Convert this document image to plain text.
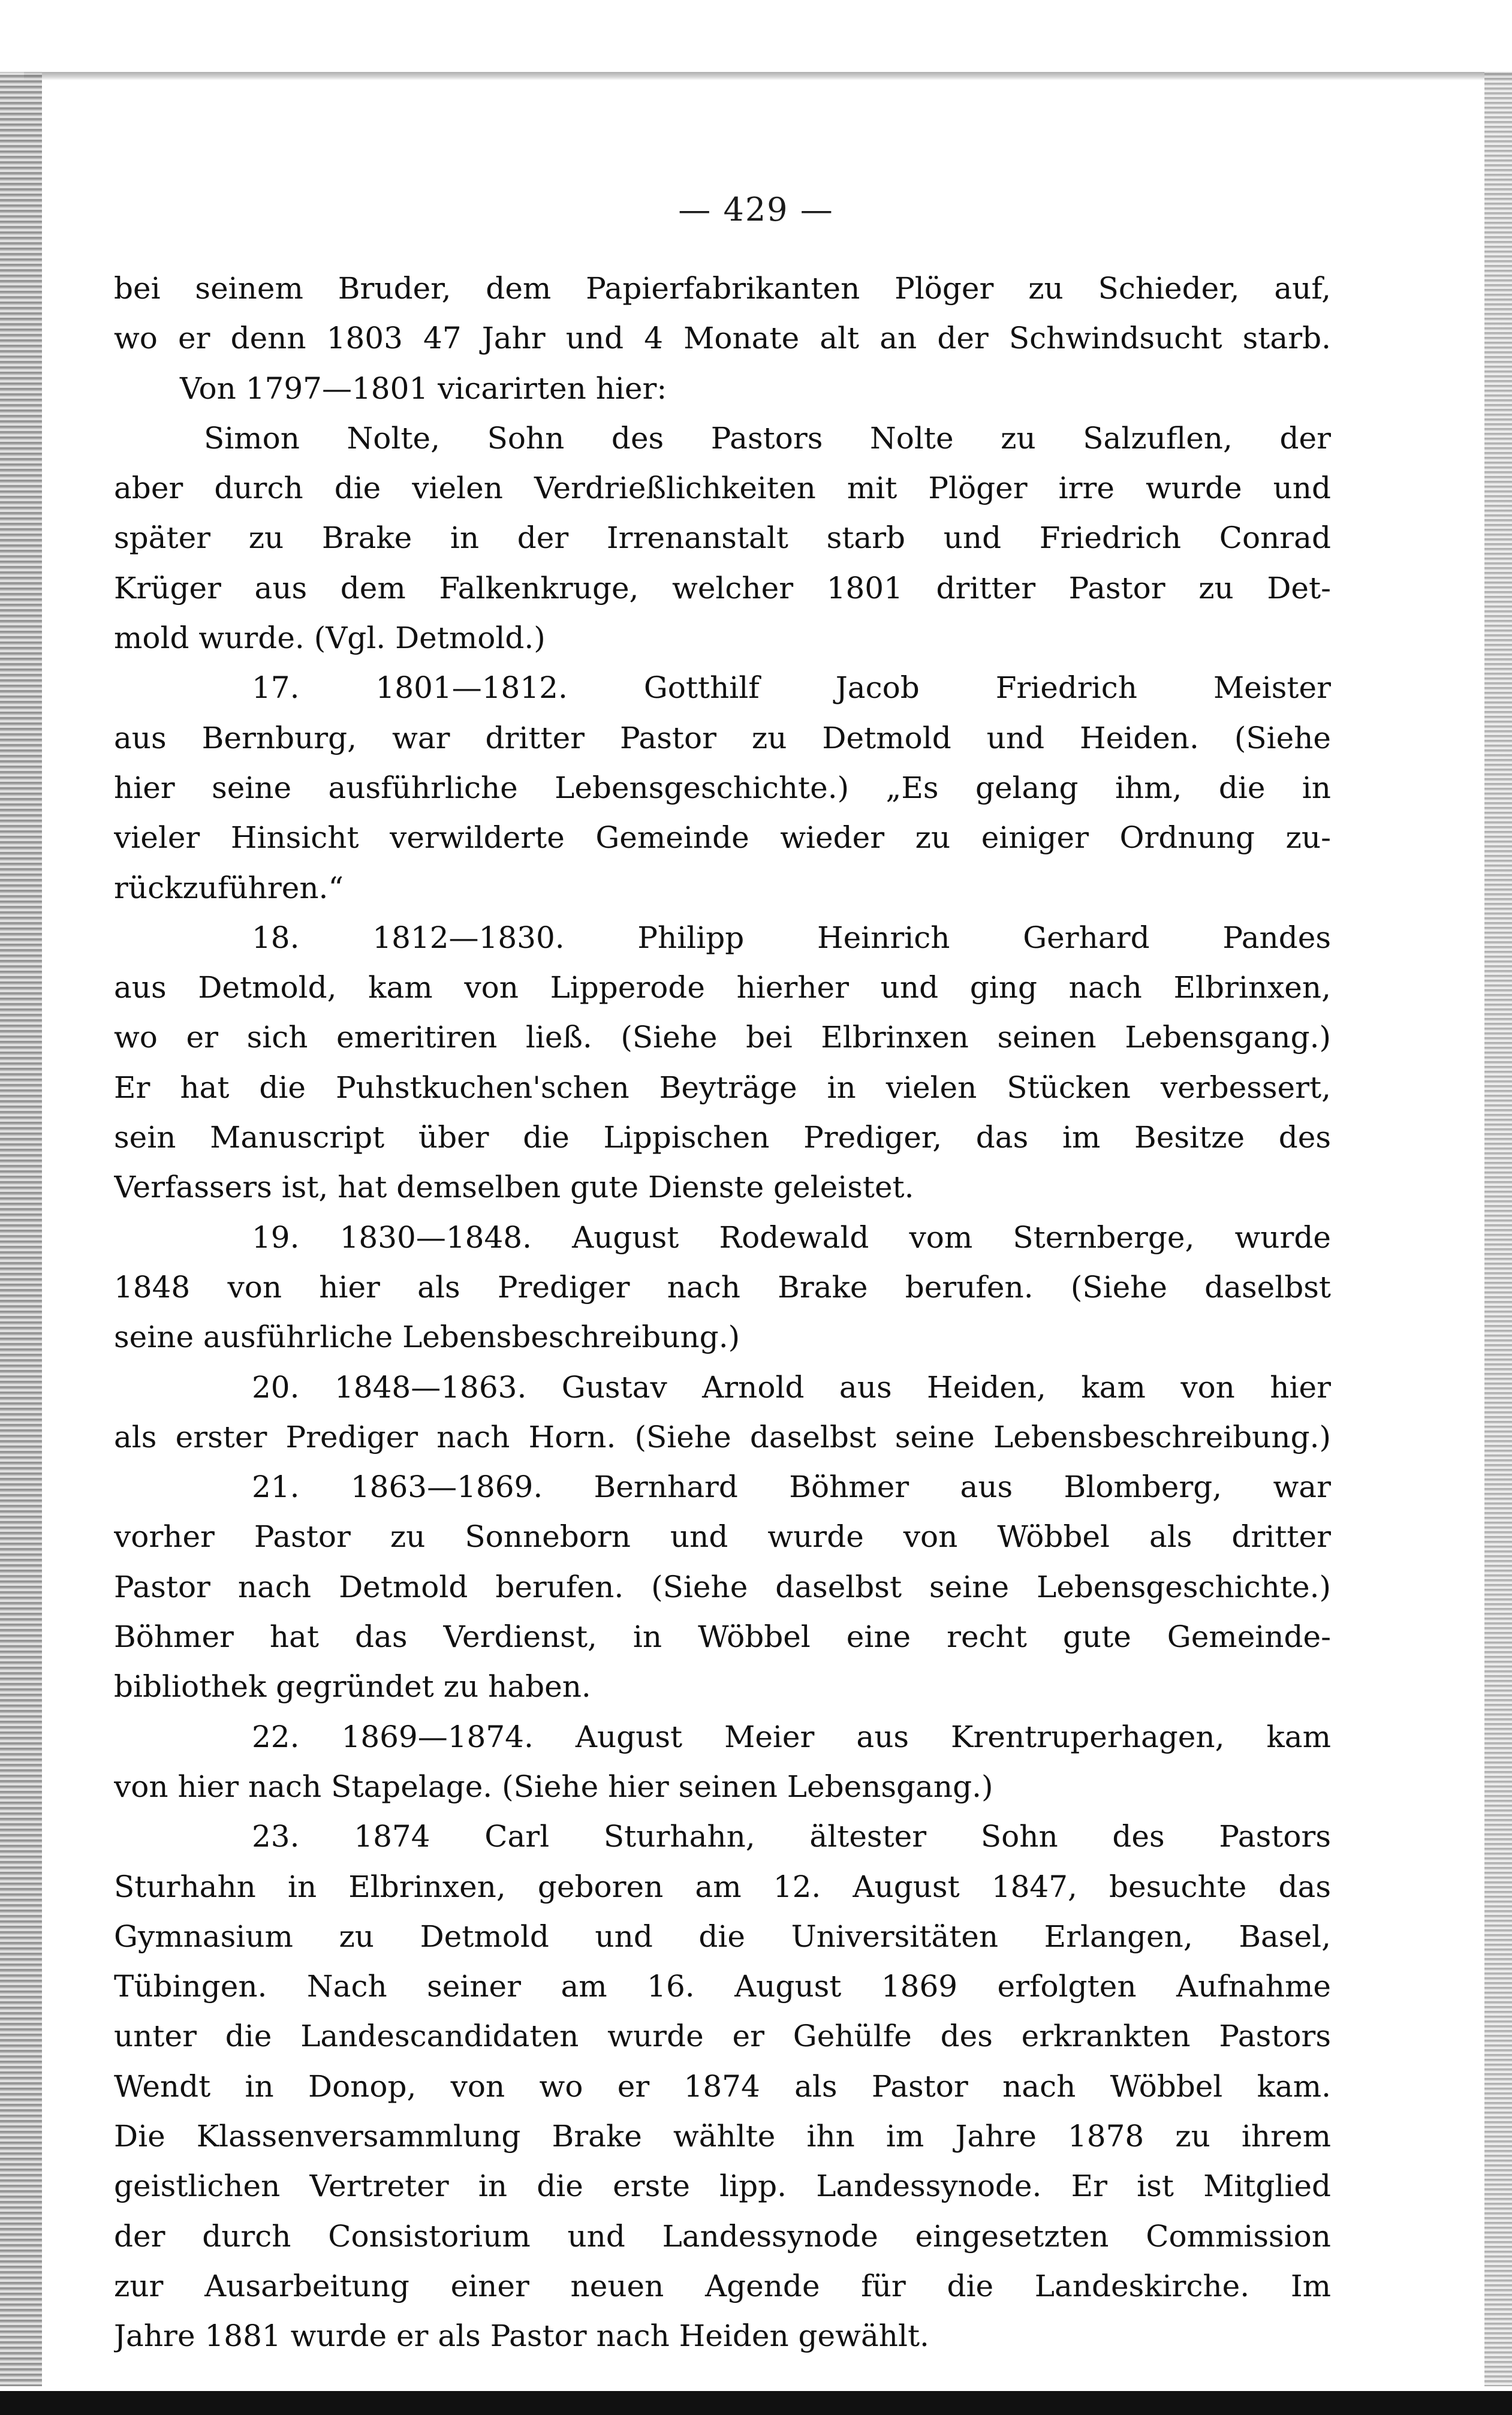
— 429 —
bei seinem Bruder, dem Papierfabrikanten Plöger zu Schieder, auf,
wo er denn 1803 47 Jahr und 4 Monate alt an der Schwindsucht starb.
Von 1797—1801 vicarirten hier:
Simon Nolte, Sohn des Pastors Nolte zu Salzuflen, der
aber durch die vielen Verdrießlichkeiten mit Plöger irre wurde und
später zu Brake in der Irrenanstalt starb und Friedrich Conrad
Krüger aus dem Falkenkruge, welcher 1801 dritter Pastor zu Det-
mold wurde. (Vgl. Detmold.)
17. 1801—1812. Gotthilf Jacob Friedrich Meister
aus Bernburg, war dritter Pastor zu Detmold und Heiden. (Siehe
hier seine ausführliche Lebensgeschichte.) „Es gelang ihm, die in
vieler Hinsicht verwilderte Gemeinde wieder zu einiger Ordnung zu-
rückzuführen.“
18. 1812—1830. Philipp Heinrich Gerhard Pandes
aus Detmold, kam von Lipperode hierher und ging nach Elbrinxen,
wo er sich emeritiren ließ. (Siehe bei Elbrinxen seinen Lebensgang.)
Er hat die Puhstkuchen'schen Beyträge in vielen Stücken verbessert,
sein Manuscript über die Lippischen Prediger, das im Besitze des
Verfassers ist, hat demselben gute Dienste geleistet.
19. 1830—1848. August Rodewald vom Sternberge, wurde
1848 von hier als Prediger nach Brake berufen. (Siehe daselbst
seine ausführliche Lebensbeschreibung.)
20. 1848—1863. Gustav Arnold aus Heiden, kam von hier
als erster Prediger nach Horn. (Siehe daselbst seine Lebensbeschreibung.)
21. 1863—1869. Bernhard Böhmer aus Blomberg, war
vorher Pastor zu Sonneborn und wurde von Wöbbel als dritter
Pastor nach Detmold berufen. (Siehe daselbst seine Lebensgeschichte.)
Böhmer hat das Verdienst, in Wöbbel eine recht gute Gemeinde-
bibliothek gegründet zu haben.
22. 1869—1874. August Meier aus Krentruperhagen, kam
von hier nach Stapelage. (Siehe hier seinen Lebensgang.)
23. 1874 Carl Sturhahn, ältester Sohn des Pastors
Sturhahn in Elbrinxen, geboren am 12. August 1847, besuchte das
Gymnasium zu Detmold und die Universitäten Erlangen, Basel,
Tübingen. Nach seiner am 16. August 1869 erfolgten Aufnahme
unter die Landescandidaten wurde er Gehülfe des erkrankten Pastors
Wendt in Donop, von wo er 1874 als Pastor nach Wöbbel kam.
Die Klassenversammlung Brake wählte ihn im Jahre 1878 zu ihrem
geistlichen Vertreter in die erste lipp. Landessynode. Er ist Mitglied
der durch Consistorium und Landessynode eingesetzten Commission
zur Ausarbeitung einer neuen Agende für die Landeskirche. Im
Jahre 1881 wurde er als Pastor nach Heiden gewählt.
